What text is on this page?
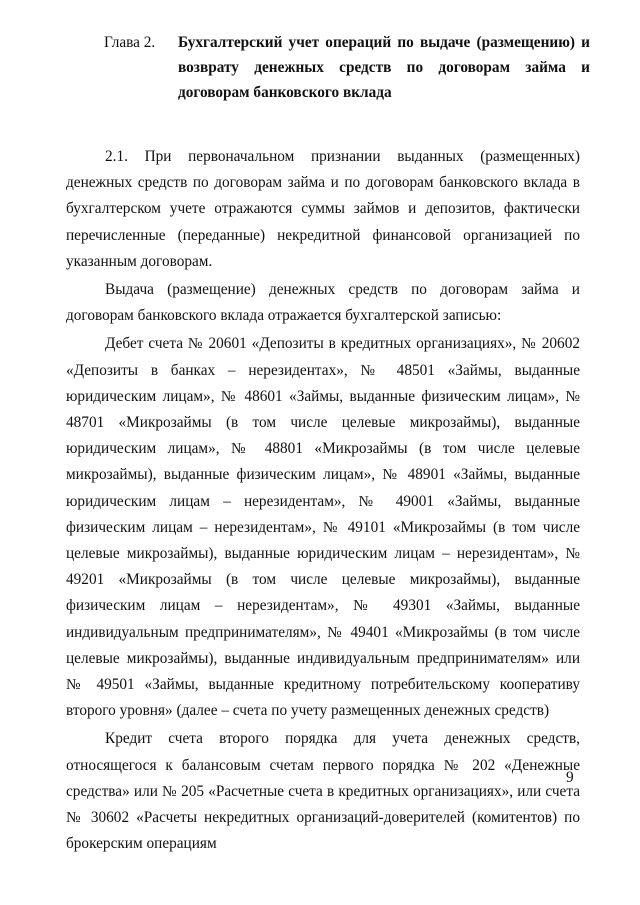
Глава 2.	Бухгалтерский учет операций по выдаче (размещению) и возврату денежных средств по договорам займа и договорам банковского вклада

2.1. При первоначальном признании выданных (размещенных) денежных средств по договорам займа и по договорам банковского вклада в бухгалтерском учете отражаются суммы займов и депозитов, фактически перечисленные (переданные) некредитной финансовой организацией по указанным договорам.

Выдача (размещение) денежных средств по договорам займа и договорам банковского вклада отражается бухгалтерской записью:

Дебет счета № 20601 «Депозиты в кредитных организациях», № 20602 «Депозиты в банках – нерезидентах», № 48501 «Займы, выданные юридическим лицам», № 48601 «Займы, выданные физическим лицам», № 48701 «Микрозаймы (в том числе целевые микрозаймы), выданные юридическим лицам», № 48801 «Микрозаймы (в том числе целевые микрозаймы), выданные физическим лицам», № 48901 «Займы, выданные юридическим лицам – нерезидентам», № 49001 «Займы, выданные физическим лицам – нерезидентам», № 49101 «Микрозаймы (в том числе целевые микрозаймы), выданные юридическим лицам – нерезидентам», № 49201 «Микрозаймы (в том числе целевые микрозаймы), выданные физическим лицам – нерезидентам», № 49301 «Займы, выданные индивидуальным предпринимателям», № 49401 «Микрозаймы (в том числе целевые микрозаймы), выданные индивидуальным предпринимателям» или № 49501 «Займы, выданные кредитному потребительскому кооперативу второго уровня» (далее – счета по учету размещенных денежных средств)

Кредит счета второго порядка для учета денежных средств, относящегося к балансовым счетам первого порядка № 202 «Денежные средства» или № 205 «Расчетные счета в кредитных организациях», или счета № 30602 «Расчеты некредитных организаций-доверителей (комитентов) по брокерским операциям

9
